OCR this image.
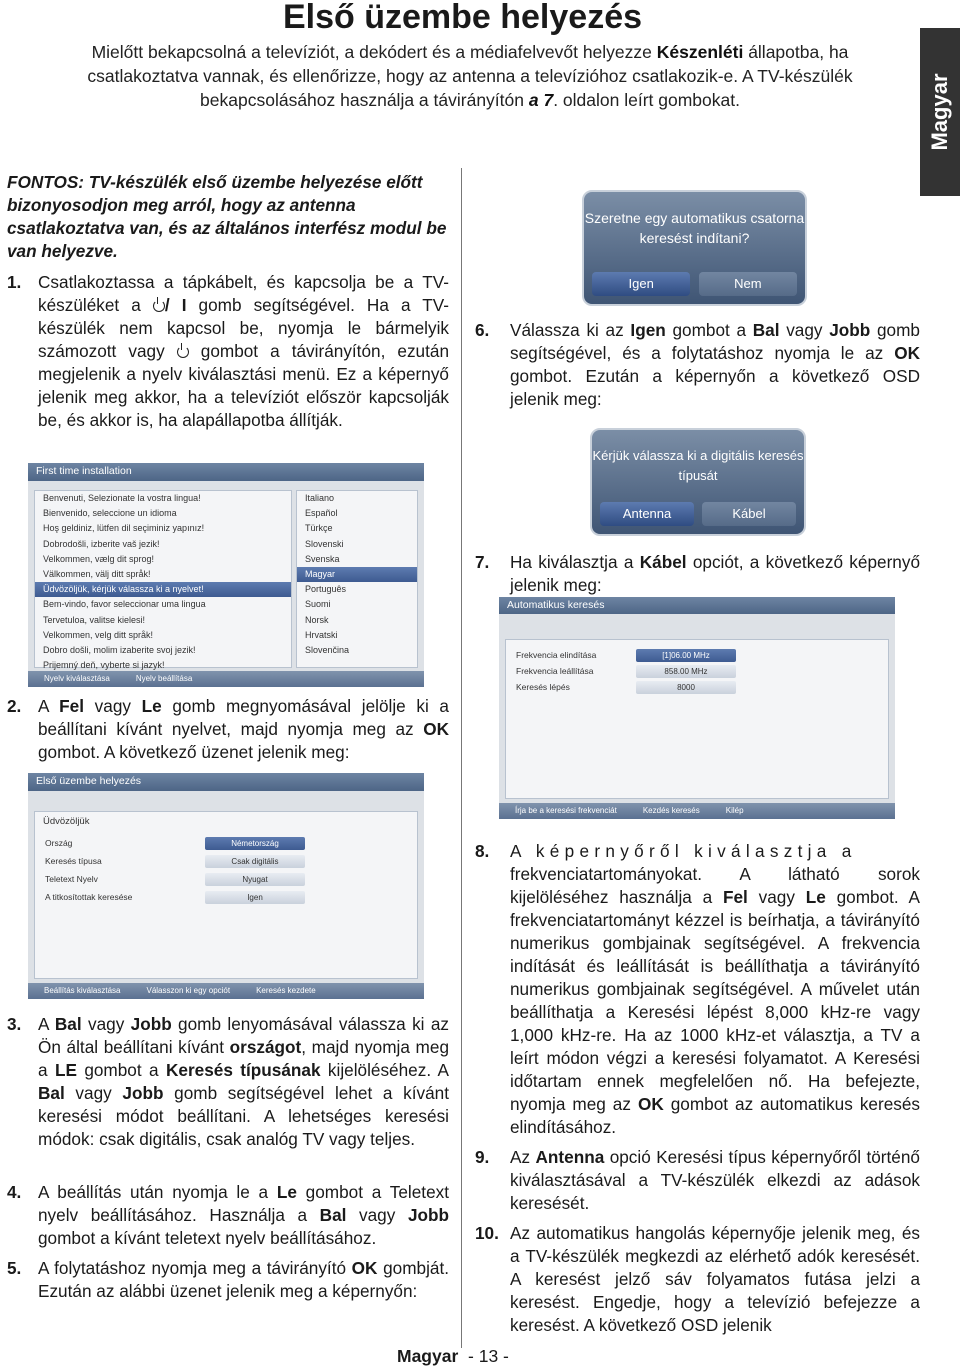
Első üzembe helyezés
Mielőtt bekapcsolná a televíziót, a dekódert és a médiafelvevőt helyezze Készenléti állapotba, ha csatlakoztatva vannak, és ellenőrizze, hogy az antenna a televízióhoz csatlakozik-e. A TV-készülék bekapcsolásához használja a távirányítón a 7. oldalon leírt gombokat.	Magyar
FONTOS: TV-készülék első üzembe helyezése előtt bizonyosodjon meg arról, hogy az antenna csatlakoztatva van, és az általános interfész modul be van helyezve.
1. Csatlakoztassa a tápkábelt, és kapcsolja be a TV-készüléket a / I gomb segítségével. Ha a TV-készülék nem kapcsol be, nyomja le bármelyik számozott vagy  gombot a távirányítón, ezután megjelenik a nyelv kiválasztási menü. Ez a képernyő jelenik meg akkor, ha a televíziót először kapcsolják be, és akkor is, ha alapállapotba állítják.
First time installation
Benvenuti, Selezionate la vostra lingua!
Bienvenido, seleccione un idioma
Hoş geldiniz, lütfen dil seçiminiz yapınız!
Dobrodošli, izberite vaš jezik!
Velkommen, vælg dit sprog!
Välkommen, välj ditt språk!
Üdvözöljük, kérjük válassza ki a nyelvet!
Bem-vindo, favor seleccionar uma lingua
Tervetuloa, valitse kielesi!
Velkommen, velg ditt språk!
Dobro došli, molim izaberite svoj jezik!
Prijemný deň, vyberte si jazyk!
Italiano
Español
Türkçe
Slovenski
Svenska
Magyar
Português
Suomi
Norsk
Hrvatski
Slovenčina
Nyelv kiválasztása	Nyelv beállítása
2. A Fel vagy Le gomb megnyomásával jelölje ki a beállítani kívánt nyelvet, majd nyomja meg az OK gombot. A következő üzenet jelenik meg:
Első üzembe helyezés
Üdvözöljük
Ország	Németország
Keresés típusa	Csak digitális
Teletext Nyelv	Nyugat
A titkosítottak keresése	Igen
Beállítás kiválasztása	Válasszon ki egy opciót	Keresés kezdete
3. A Bal vagy Jobb gomb lenyomásával válassza ki az Ön által beállítani kívánt országot, majd nyomja meg a LE gombot a Keresés típusának kijelöléséhez. A Bal vagy Jobb gomb segítségével lehet a kívánt keresési módot beállítani. A lehetséges keresési módok: csak digitális, csak analóg TV vagy teljes.
4. A beállítás után nyomja le a Le gombot a Teletext nyelv beállításához. Használja a Bal vagy Jobb gombot a kívánt teletext nyelv beállításához.
5. A folytatáshoz nyomja meg a távirányító OK gombját. Ezután az alábbi üzenet jelenik meg a képernyőn:
Szeretne egy automatikus csatorna
keresést indítani?
Igen	Nem
6. Válassza ki az Igen gombot a Bal vagy Jobb gomb segítségével, és a folytatáshoz nyomja le az OK gombot. Ezután a képernyőn a következő OSD jelenik meg:
Kérjük válassza ki a digitális keresés
típusát
Antenna	Kábel
7. Ha kiválasztja a Kábel opciót, a következő képernyő jelenik meg:
Automatikus keresés
Frekvencia elindítása	[1]06.00 MHz
Frekvencia leállítása	858.00 MHz
Keresés lépés	8000
Írja be a keresési frekvenciát	Kezdés keresés	Kilép
8. A képernyőről kiválasztja a
frekvenciatartományokat. A látható sorok kijelöléséhez használja a Fel vagy Le gombot. A frekvenciatartományt kézzel is beírhatja, a távirányító numerikus gombjainak segítségével. A frekvencia indítását és leállítását is beállíthatja a távirányító numerikus gombjainak segítségével. A művelet után beállíthatja a Keresési lépést 8,000 kHz-re vagy 1,000 kHz-re. Ha az 1000 kHz-et választja, a TV a leírt módon végzi a keresési folyamatot. A Keresési időtartam ennek megfelelően nő. Ha befejezte, nyomja meg az OK gombot az automatikus keresés elindításához.
9. Az Antenna opció Keresési típus képernyőről történő kiválasztásával a TV-készülék elkezdi az adások keresését.
10. Az automatikus hangolás képernyője jelenik meg, és a TV-készülék megkezdi az elérhető adók keresését. A keresést jelző sáv folyamatos futása jelzi a keresést. Engedje, hogy a televízió befejezze a keresést. A következő OSD jelenik
Magyar - 13 -
